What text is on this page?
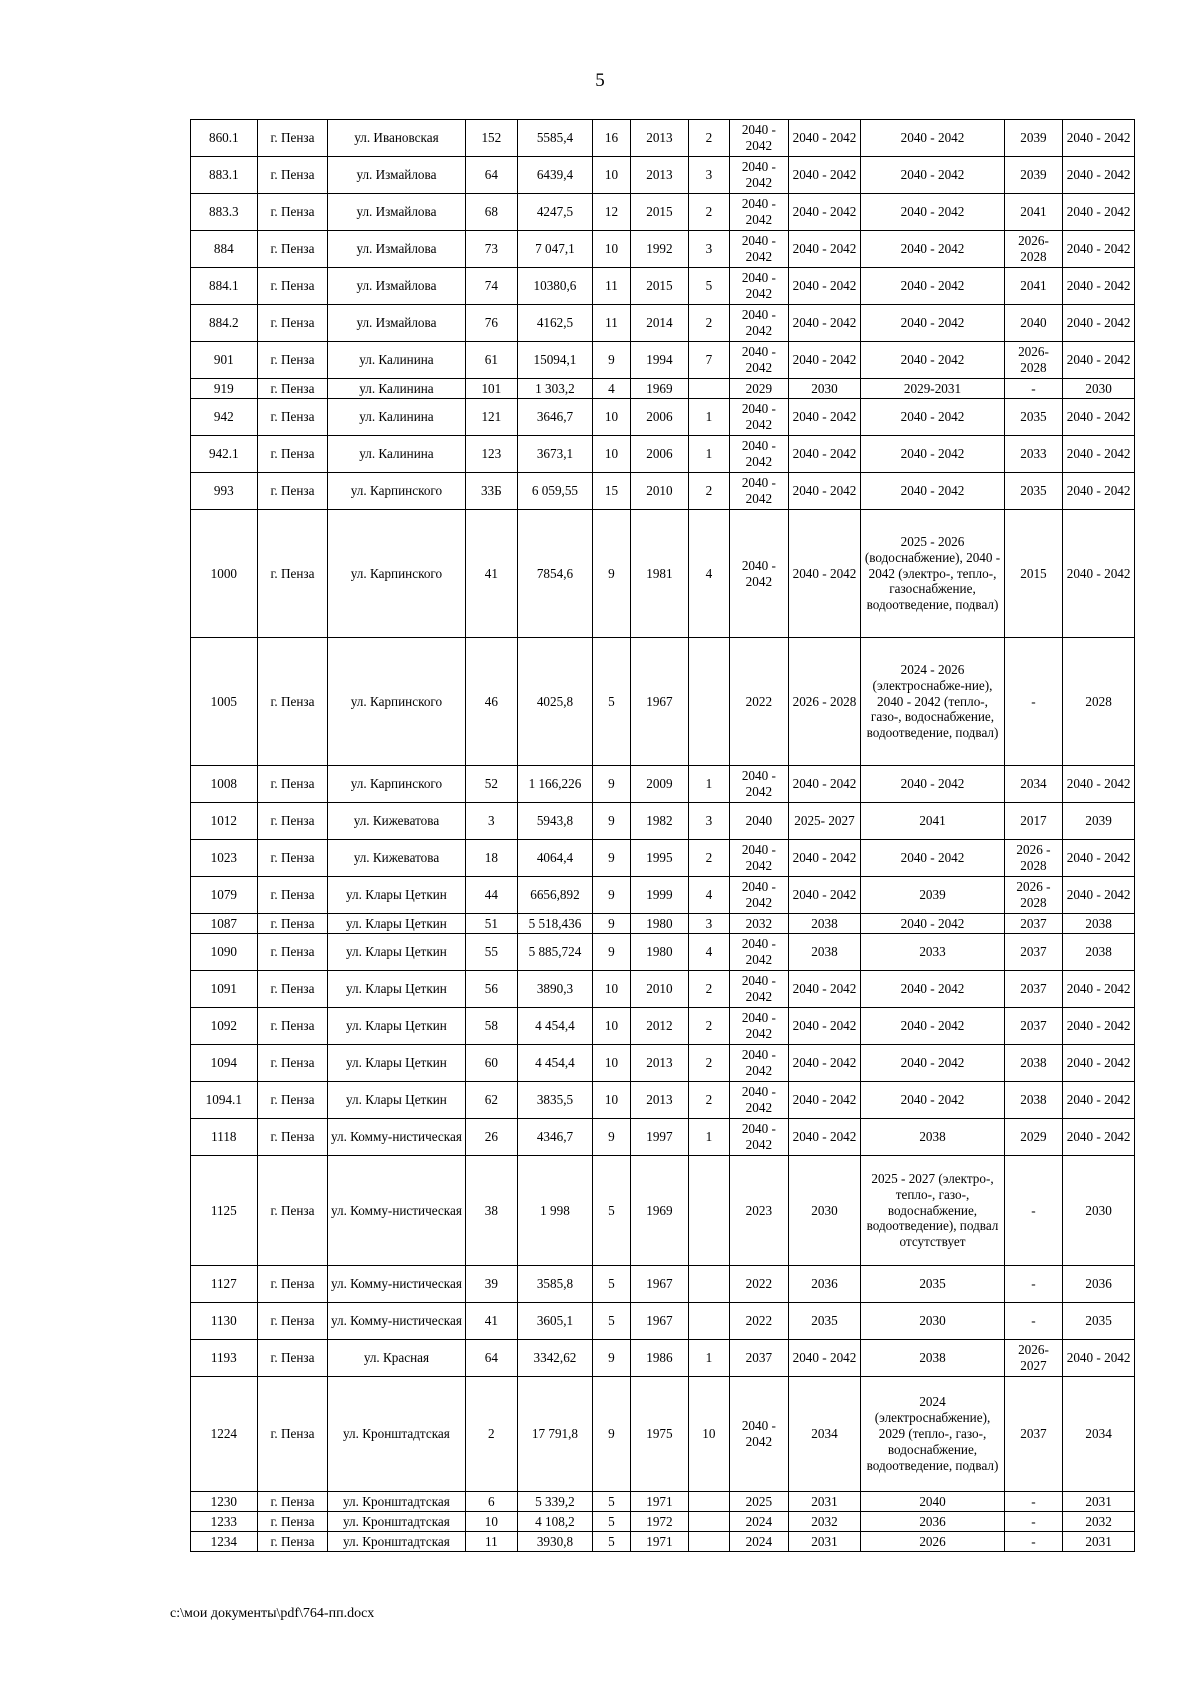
5
860.1	г. Пенза	ул. Ивановская	152	5585,4	16	2013	2	2040 - 2042	2040 - 2042	2040 - 2042	2039	2040 - 2042
883.1	г. Пенза	ул. Измайлова	64	6439,4	10	2013	3	2040 - 2042	2040 - 2042	2040 - 2042	2039	2040 - 2042
883.3	г. Пенза	ул. Измайлова	68	4247,5	12	2015	2	2040 - 2042	2040 - 2042	2040 - 2042	2041	2040 - 2042
884	г. Пенза	ул. Измайлова	73	7 047,1	10	1992	3	2040 - 2042	2040 - 2042	2040 - 2042	2026- 2028	2040 - 2042
884.1	г. Пенза	ул. Измайлова	74	10380,6	11	2015	5	2040 - 2042	2040 - 2042	2040 - 2042	2041	2040 - 2042
884.2	г. Пенза	ул. Измайлова	76	4162,5	11	2014	2	2040 - 2042	2040 - 2042	2040 - 2042	2040	2040 - 2042
901	г. Пенза	ул. Калинина	61	15094,1	9	1994	7	2040 - 2042	2040 - 2042	2040 - 2042	2026- 2028	2040 - 2042
919	г. Пенза	ул. Калинина	101	1 303,2	4	1969		2029	2030	2029-2031	-	2030
942	г. Пенза	ул. Калинина	121	3646,7	10	2006	1	2040 - 2042	2040 - 2042	2040 - 2042	2035	2040 - 2042
942.1	г. Пенза	ул. Калинина	123	3673,1	10	2006	1	2040 - 2042	2040 - 2042	2040 - 2042	2033	2040 - 2042
993	г. Пенза	ул. Карпинского	33Б	6 059,55	15	2010	2	2040 - 2042	2040 - 2042	2040 - 2042	2035	2040 - 2042
1000	г. Пенза	ул. Карпинского	41	7854,6	9	1981	4	2040 - 2042	2040 - 2042	2025 - 2026 (водоснабжение), 2040 - 2042 (электро-, тепло-, газоснабжение, водоотведение, подвал)	2015	2040 - 2042
1005	г. Пенза	ул. Карпинского	46	4025,8	5	1967		2022	2026 - 2028	2024 - 2026 (электроснабже-ние), 2040 - 2042 (тепло-, газо-, водоснабжение, водоотведение, подвал)	-	2028
1008	г. Пенза	ул. Карпинского	52	1 166,226	9	2009	1	2040 - 2042	2040 - 2042	2040 - 2042	2034	2040 - 2042
1012	г. Пенза	ул. Кижеватова	3	5943,8	9	1982	3	2040	2025- 2027	2041	2017	2039
1023	г. Пенза	ул. Кижеватова	18	4064,4	9	1995	2	2040 - 2042	2040 - 2042	2040 - 2042	2026 - 2028	2040 - 2042
1079	г. Пенза	ул. Клары Цеткин	44	6656,892	9	1999	4	2040 - 2042	2040 - 2042	2039	2026 - 2028	2040 - 2042
1087	г. Пенза	ул. Клары Цеткин	51	5 518,436	9	1980	3	2032	2038	2040 - 2042	2037	2038
1090	г. Пенза	ул. Клары Цеткин	55	5 885,724	9	1980	4	2040 - 2042	2038	2033	2037	2038
1091	г. Пенза	ул. Клары Цеткин	56	3890,3	10	2010	2	2040 - 2042	2040 - 2042	2040 - 2042	2037	2040 - 2042
1092	г. Пенза	ул. Клары Цеткин	58	4 454,4	10	2012	2	2040 - 2042	2040 - 2042	2040 - 2042	2037	2040 - 2042
1094	г. Пенза	ул. Клары Цеткин	60	4 454,4	10	2013	2	2040 - 2042	2040 - 2042	2040 - 2042	2038	2040 - 2042
1094.1	г. Пенза	ул. Клары Цеткин	62	3835,5	10	2013	2	2040 - 2042	2040 - 2042	2040 - 2042	2038	2040 - 2042
1118	г. Пенза	ул. Комму-нистическая	26	4346,7	9	1997	1	2040 - 2042	2040 - 2042	2038	2029	2040 - 2042
1125	г. Пенза	ул. Комму-нистическая	38	1 998	5	1969		2023	2030	2025 - 2027 (электро-, тепло-, газо-, водоснабжение, водоотведение), подвал отсутствует	-	2030
1127	г. Пенза	ул. Комму-нистическая	39	3585,8	5	1967		2022	2036	2035	-	2036
1130	г. Пенза	ул. Комму-нистическая	41	3605,1	5	1967		2022	2035	2030	-	2035
1193	г. Пенза	ул. Красная	64	3342,62	9	1986	1	2037	2040 - 2042	2038	2026- 2027	2040 - 2042
1224	г. Пенза	ул. Кронштадтская	2	17 791,8	9	1975	10	2040 - 2042	2034	2024 (электроснабжение), 2029 (тепло-, газо-, водоснабжение, водоотведение, подвал)	2037	2034
1230	г. Пенза	ул. Кронштадтская	6	5 339,2	5	1971		2025	2031	2040	-	2031
1233	г. Пенза	ул. Кронштадтская	10	4 108,2	5	1972		2024	2032	2036	-	2032
1234	г. Пенза	ул. Кронштадтская	11	3930,8	5	1971		2024	2031	2026	-	2031
c:\мои документы\pdf\764-пп.docx
